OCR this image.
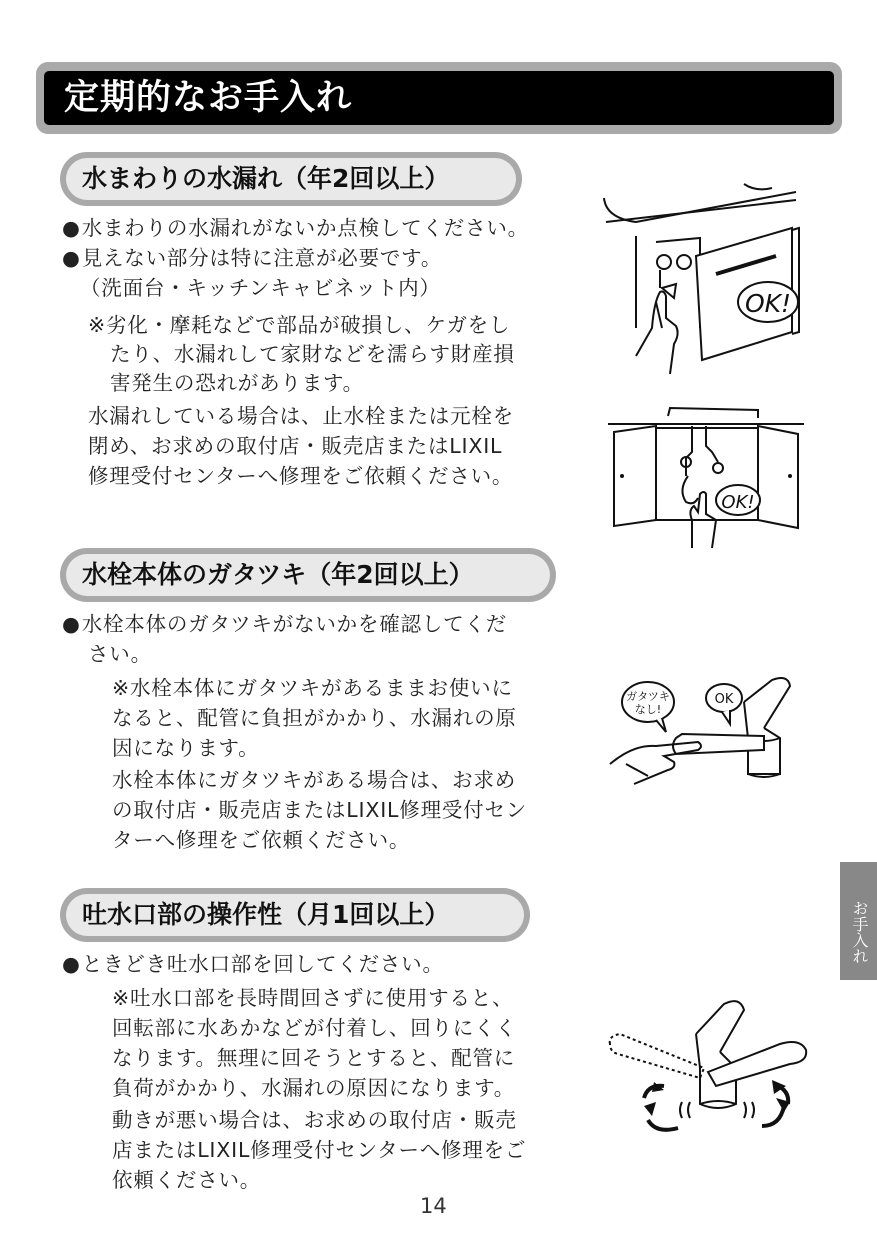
定期的なお手入れ
水まわりの水漏れ（年2回以上）
● 水まわりの水漏れがないか点検してください。
● 見えない部分は特に注意が必要です。
（洗面台・キッチンキャビネット内）
※劣化・摩耗などで部品が破損し、ケガをし
たり、水漏れして家財などを濡らす財産損
害発生の恐れがあります。
水漏れしている場合は、止水栓または元栓を
閉め、お求めの取付店・販売店またはLIXIL
修理受付センターへ修理をご依頼ください。
OK!
OK!
水栓本体のガタツキ（年2回以上）
● 水栓本体のガタツキがないかを確認してくだ
さい。
※水栓本体にガタツキがあるままお使いに
なると、配管に負担がかかり、水漏れの原
因になります。
水栓本体にガタツキがある場合は、お求め
の取付店・販売店またはLIXIL修理受付セン
ターへ修理をご依頼ください。
ガタツキ
なし!
OK
吐水口部の操作性（月1回以上）
● ときどき吐水口部を回してください。
※吐水口部を長時間回さずに使用すると、
回転部に水あかなどが付着し、回りにくく
なります。無理に回そうとすると、配管に
負荷がかかり、水漏れの原因になります。
動きが悪い場合は、お求めの取付店・販売
店またはLIXIL修理受付センターへ修理をご
依頼ください。
お手入れ
14
